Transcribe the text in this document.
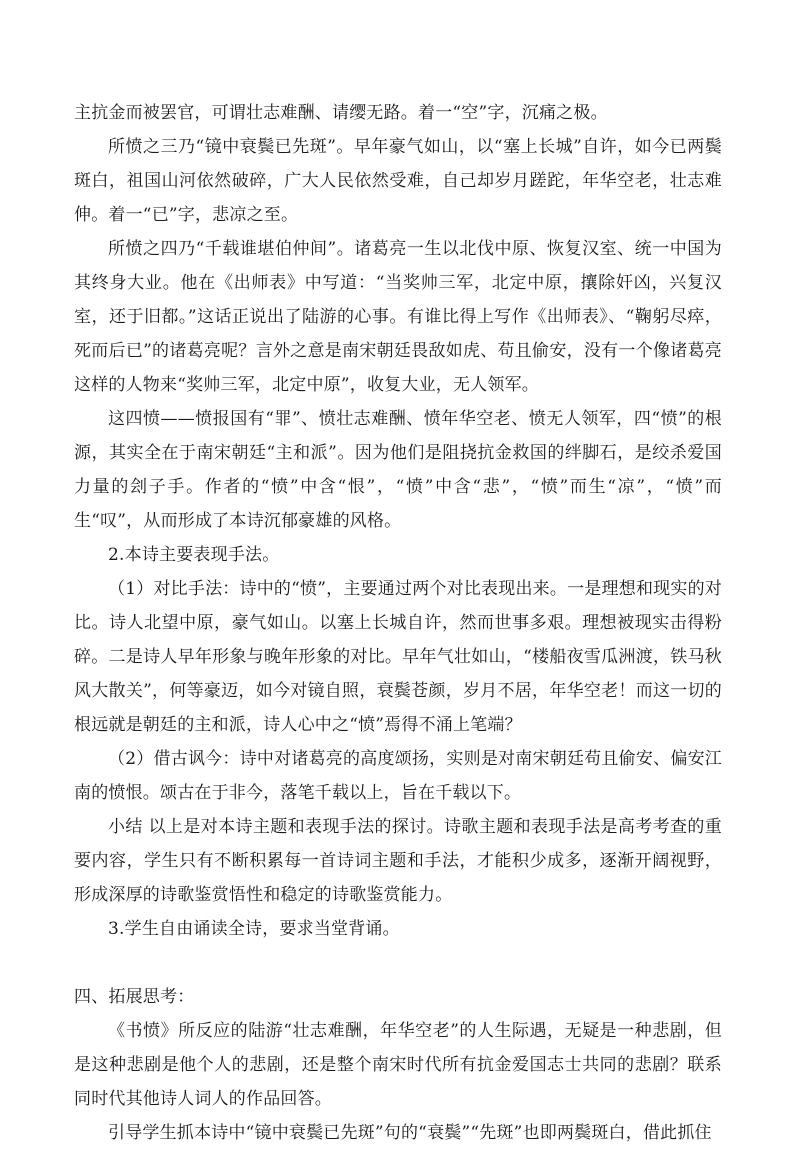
主抗金而被罢官，可谓壮志难酬、请缨无路。着一“空”字，沉痛之极。

所愤之三乃“镜中衰鬓已先斑”。早年豪气如山，以“塞上长城”自许，如今已两鬓斑白，祖国山河依然破碎，广大人民依然受难，自己却岁月蹉跎，年华空老，壮志难伸。着一“已”字，悲凉之至。

所愤之四乃“千载谁堪伯仲间”。诸葛亮一生以北伐中原、恢复汉室、统一中国为其终身大业。他在《出师表》中写道：“当奖帅三军，北定中原，攘除奸凶，兴复汉室，还于旧都。”这话正说出了陆游的心事。有谁比得上写作《出师表》、“鞠躬尽瘁，死而后已”的诸葛亮呢？言外之意是南宋朝廷畏敌如虎、苟且偷安，没有一个像诸葛亮这样的人物来“奖帅三军，北定中原”，收复大业，无人领军。

这四愤——愤报国有“罪”、愤壮志难酬、愤年华空老、愤无人领军，四“愤”的根源，其实全在于南宋朝廷“主和派”。因为他们是阻挠抗金救国的绊脚石，是绞杀爱国力量的刽子手。作者的“愤”中含“恨”，“愤”中含“悲”，“愤”而生“凉”，“愤”而生“叹”，从而形成了本诗沉郁豪雄的风格。

2.本诗主要表现手法。

（1）对比手法：诗中的“愤”，主要通过两个对比表现出来。一是理想和现实的对比。诗人北望中原，豪气如山。以塞上长城自许，然而世事多艰。理想被现实击得粉碎。二是诗人早年形象与晚年形象的对比。早年气壮如山，“楼船夜雪瓜洲渡，铁马秋风大散关”，何等豪迈，如今对镜自照，衰鬓苍颜，岁月不居，年华空老！而这一切的根远就是朝廷的主和派，诗人心中之“愤”焉得不涌上笔端？

（2）借古讽今：诗中对诸葛亮的高度颂扬，实则是对南宋朝廷苟且偷安、偏安江南的愤恨。颂古在于非今，落笔千载以上，旨在千载以下。

小结 以上是对本诗主题和表现手法的探讨。诗歌主题和表现手法是高考考查的重要内容，学生只有不断积累每一首诗词主题和手法，才能积少成多，逐渐开阔视野，形成深厚的诗歌鉴赏悟性和稳定的诗歌鉴赏能力。

3.学生自由诵读全诗，要求当堂背诵。

四、拓展思考：

《书愤》所反应的陆游“壮志难酬，年华空老”的人生际遇，无疑是一种悲剧，但是这种悲剧是他个人的悲剧，还是整个南宋时代所有抗金爱国志士共同的悲剧？联系同时代其他诗人词人的作品回答。

引导学生抓本诗中“镜中衰鬓已先斑”句的“衰鬓”“先斑”也即两鬓斑白，借此抓住
